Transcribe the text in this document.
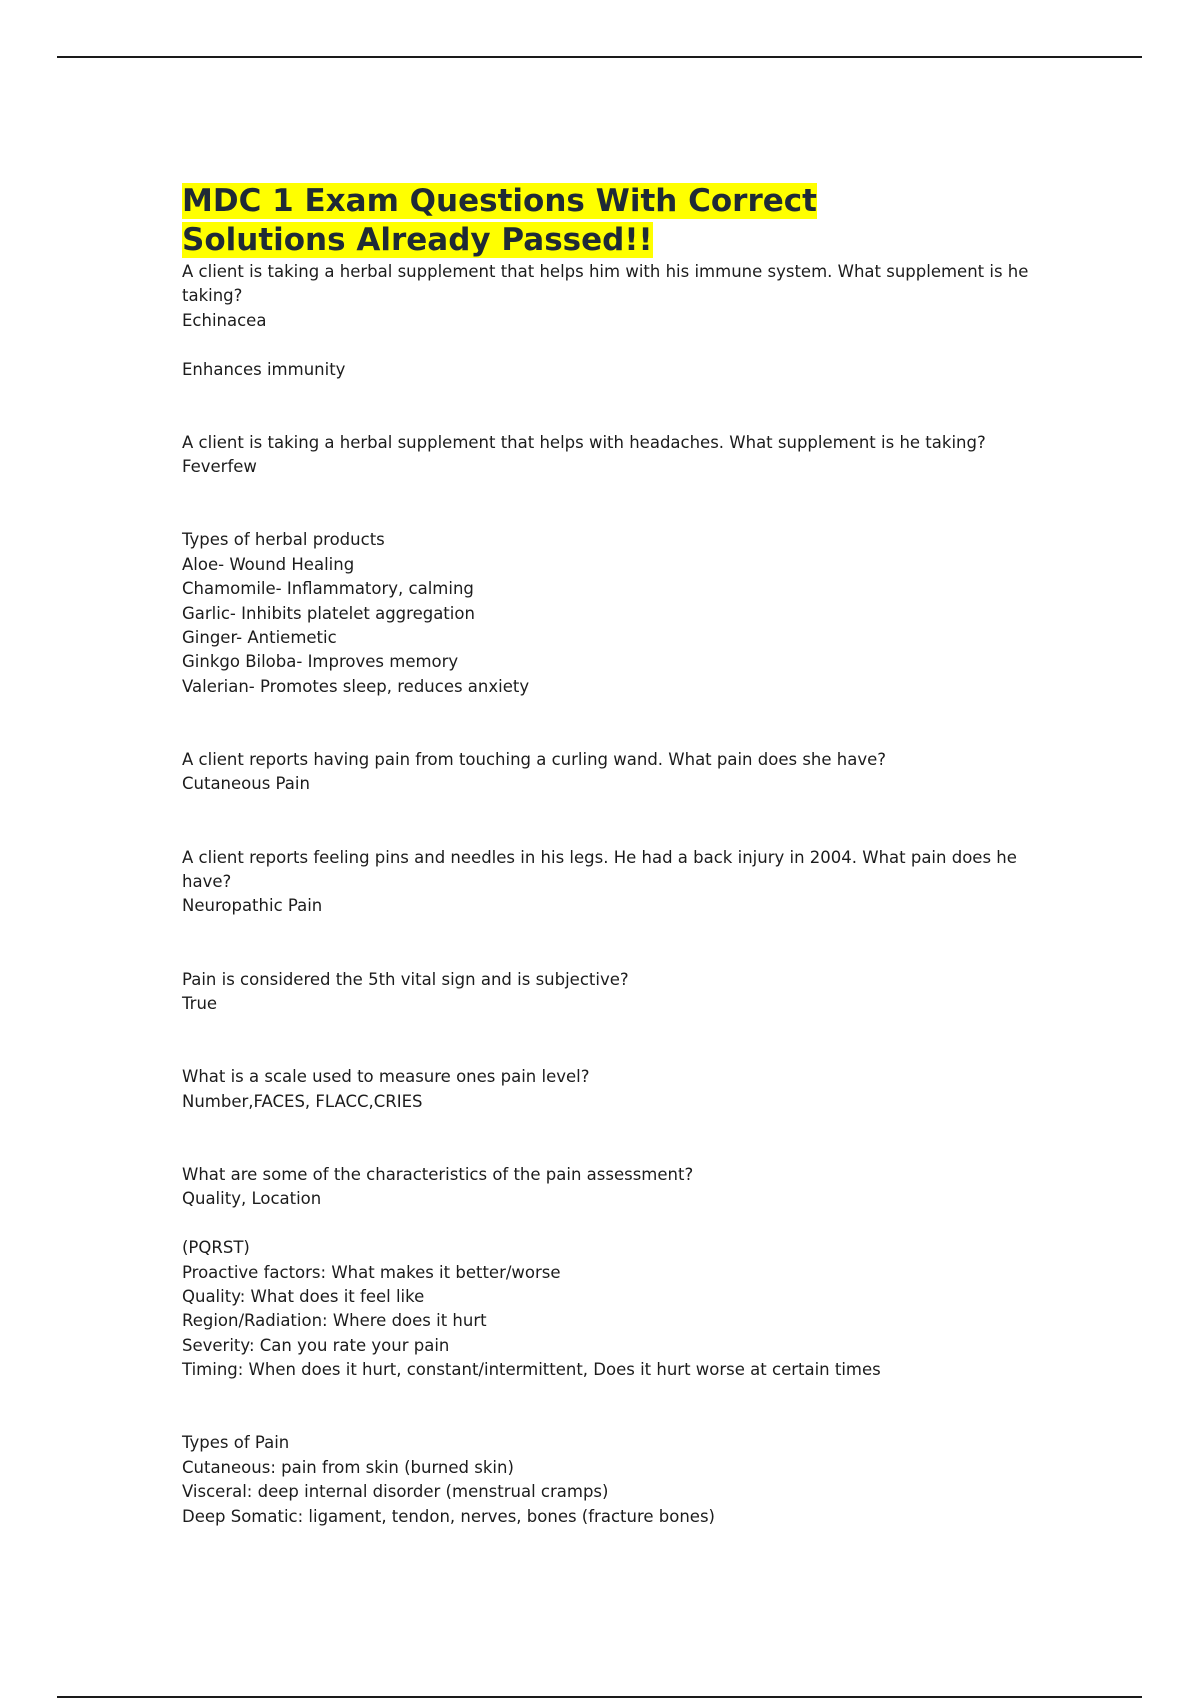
MDC 1 Exam Questions With Correct
Solutions Already Passed!!

A client is taking a herbal supplement that helps him with his immune system. What supplement is he taking?

Echinacea

Enhances immunity

A client is taking a herbal supplement that helps with headaches. What supplement is he taking?

Feverfew

Types of herbal products

Aloe- Wound Healing

Chamomile- Inflammatory, calming

Garlic- Inhibits platelet aggregation

Ginger- Antiemetic

Ginkgo Biloba- Improves memory

Valerian- Promotes sleep, reduces anxiety

A client reports having pain from touching a curling wand. What pain does she have?

Cutaneous Pain

A client reports feeling pins and needles in his legs. He had a back injury in 2004. What pain does he have?

Neuropathic Pain

Pain is considered the 5th vital sign and is subjective?

True

What is a scale used to measure ones pain level?

Number,FACES, FLACC,CRIES

What are some of the characteristics of the pain assessment?

Quality, Location

(PQRST)

Proactive factors: What makes it better/worse

Quality: What does it feel like

Region/Radiation: Where does it hurt

Severity: Can you rate your pain

Timing: When does it hurt, constant/intermittent, Does it hurt worse at certain times

Types of Pain

Cutaneous: pain from skin (burned skin)

Visceral: deep internal disorder (menstrual cramps)

Deep Somatic: ligament, tendon, nerves, bones (fracture bones)
